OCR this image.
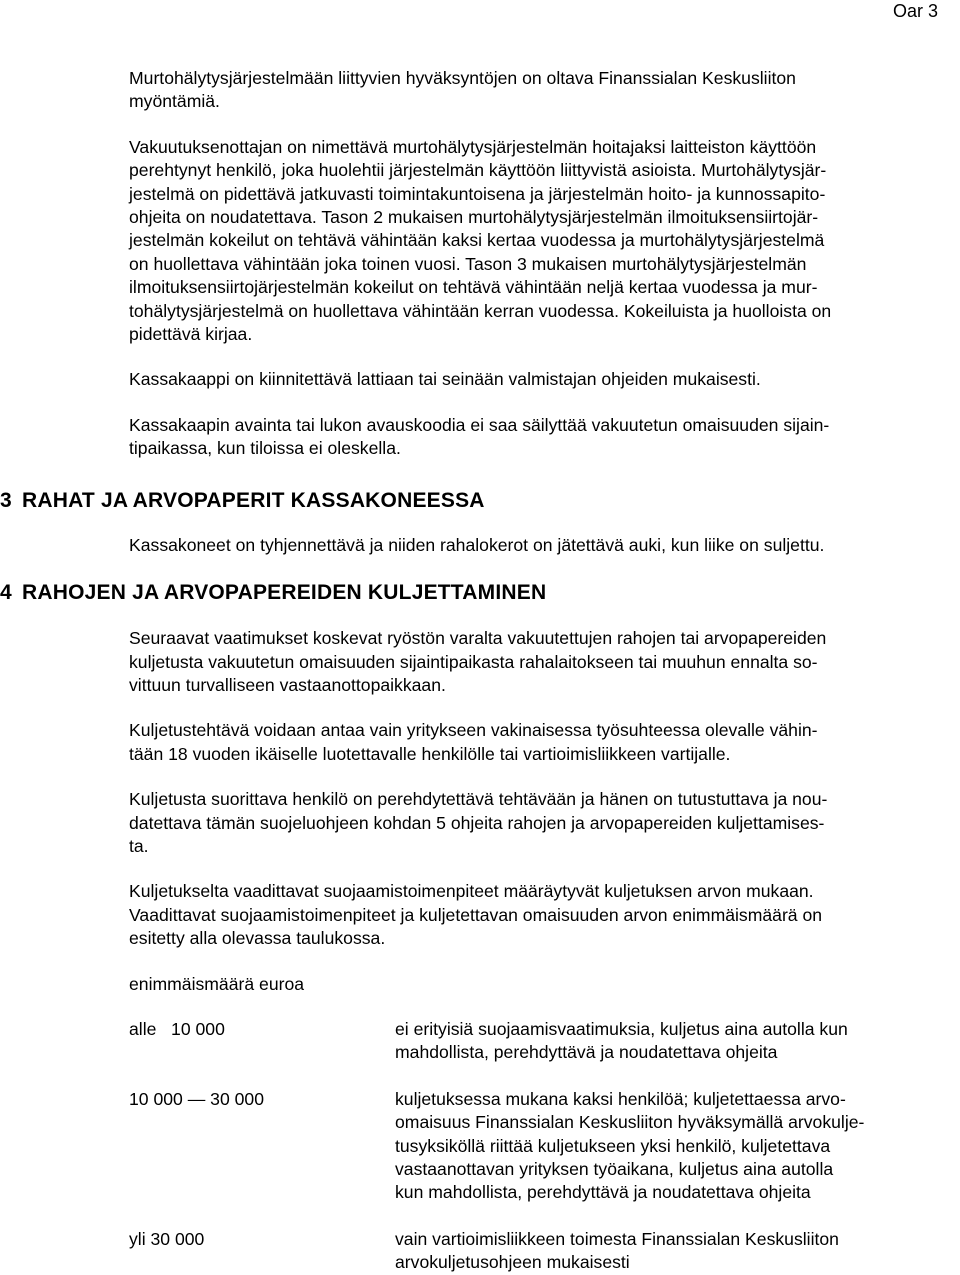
Oar 3

Murtohälytysjärjestelmään liittyvien hyväksyntöjen on oltava Finanssialan Keskusliiton
myöntämiä.

Vakuutuksenottajan on nimettävä murtohälytysjärjestelmän hoitajaksi laitteiston käyttöön
perehtynyt henkilö, joka huolehtii järjestelmän käyttöön liittyvistä asioista. Murtohälytysjär-
jestelmä on pidettävä jatkuvasti toimintakuntoisena ja järjestelmän hoito- ja kunnossapito-
ohjeita on noudatettava. Tason 2 mukaisen murtohälytysjärjestelmän ilmoituksensiirtojär-
jestelmän kokeilut on tehtävä vähintään kaksi kertaa vuodessa ja murtohälytysjärjestelmä
on huollettava vähintään joka toinen vuosi. Tason 3 mukaisen murtohälytysjärjestelmän
ilmoituksensiirtojärjestelmän kokeilut on tehtävä vähintään neljä kertaa vuodessa ja mur-
tohälytysjärjestelmä on huollettava vähintään kerran vuodessa. Kokeiluista ja huolloista on
pidettävä kirjaa.

Kassakaappi on kiinnitettävä lattiaan tai seinään valmistajan ohjeiden mukaisesti.

Kassakaapin avainta tai lukon avauskoodia ei saa säilyttää vakuutetun omaisuuden sijain-
tipaikassa, kun tiloissa ei oleskella.

3 RAHAT JA ARVOPAPERIT KASSAKONEESSA

Kassakoneet on tyhjennettävä ja niiden rahalokerot on jätettävä auki, kun liike on suljettu.

4 RAHOJEN JA ARVOPAPEREIDEN KULJETTAMINEN

Seuraavat vaatimukset koskevat ryöstön varalta vakuutettujen rahojen tai arvopapereiden
kuljetusta vakuutetun omaisuuden sijaintipaikasta rahalaitokseen tai muuhun ennalta so-
vittuun turvalliseen vastaanottopaikkaan.

Kuljetustehtävä voidaan antaa vain yritykseen vakinaisessa työsuhteessa olevalle vähin-
tään 18 vuoden ikäiselle luotettavalle henkilölle tai vartioimisliikkeen vartijalle.

Kuljetusta suorittava henkilö on perehdytettävä tehtävään ja hänen on tutustuttava ja nou-
datettava tämän suojeluohjeen kohdan 5 ohjeita rahojen ja arvopapereiden kuljettamises-
ta.

Kuljetukselta vaadittavat suojaamistoimenpiteet määräytyvät kuljetuksen arvon mukaan.
Vaadittavat suojaamistoimenpiteet ja kuljetettavan omaisuuden arvon enimmäismäärä on
esitetty alla olevassa taulukossa.

enimmäismäärä euroa

alle   10 000	ei erityisiä suojaamisvaatimuksia, kuljetus aina autolla kun
mahdollista, perehdyttävä ja noudatettava ohjeita
10 000 — 30 000	kuljetuksessa mukana kaksi henkilöä; kuljetettaessa arvo-
omaisuus Finanssialan Keskusliiton hyväksymällä arvokulje-
tusyksiköllä riittää kuljetukseen yksi henkilö, kuljetettava
vastaanottavan yrityksen työaikana, kuljetus aina autolla
kun mahdollista, perehdyttävä ja noudatettava ohjeita
yli 30 000	vain vartioimisliikkeen toimesta Finanssialan Keskusliiton
arvokuljetusohjeen mukaisesti
